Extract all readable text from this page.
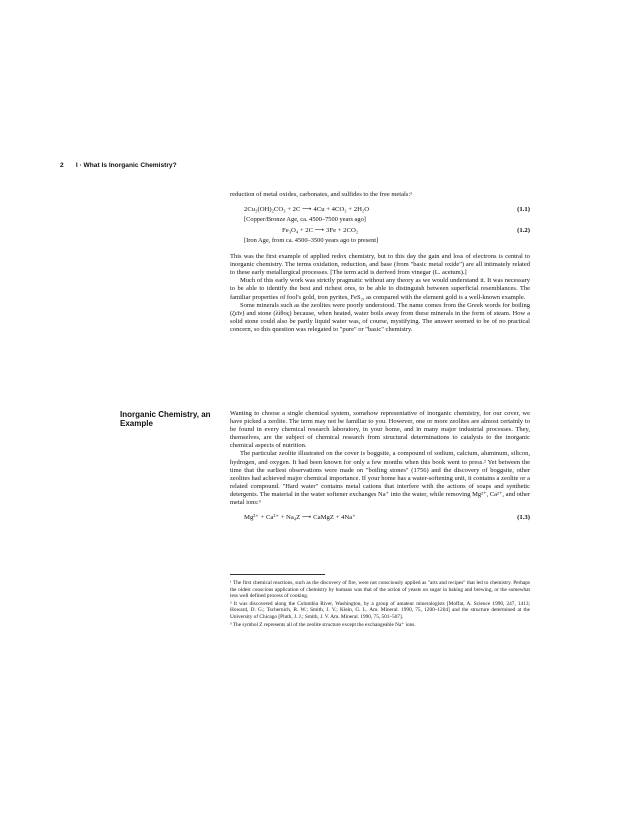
2 I · What Is Inorganic Chemistry?

reduction of metal oxides, carbonates, and sulfides to the free metals:¹

2Cu₂(OH)₂CO₃ + 2C ⟶ 4Cu + 4CO₂ + 2H₂O	(1.1)
[Copper/Bronze Age, ca. 4500–7500 years ago]
Fe₃O₄ + 2C ⟶ 3Fe + 2CO₂	(1.2)
[Iron Age, from ca. 4500–3500 years ago to present]

This was the first example of applied redox chemistry, but to this day the gain and loss of electrons is central to inorganic chemistry. The terms oxidation, reduction, and base (from "basic metal oxide") are all intimately related to these early metallurgical processes. [The term acid is derived from vinegar (L. acetum).]

Much of this early work was strictly pragmatic without any theory as we would understand it. It was necessary to be able to identify the best and richest ores, to be able to distinguish between superficial resemblances. The familiar properties of fool's gold, iron pyrites, FeS₂, as compared with the element gold is a well-known example.

Some minerals such as the zeolites were poorly understood. The name comes from the Greek words for boiling (ζεῖν) and stone (λίθος) because, when heated, water boils away from these minerals in the form of steam. How a solid stone could also be partly liquid water was, of course, mystifying. The answer seemed to be of no practical concern, so this question was relegated to "pure" or "basic" chemistry.

Inorganic Chemistry, an Example

Wanting to choose a single chemical system, somehow representative of inorganic chemistry, for our cover, we have picked a zeolite. The term may not be familiar to you. However, one or more zeolites are almost certainly to be found in every chemical research laboratory, in your home, and in many major industrial processes. They, themselves, are the subject of chemical research from structural determinations to catalysis to the inorganic chemical aspects of nutrition.

The particular zeolite illustrated on the cover is boggsite, a compound of sodium, calcium, aluminum, silicon, hydrogen, and oxygen. It had been known for only a few months when this book went to press.² Yet between the time that the earliest observations were made on "boiling stones" (1756) and the discovery of boggsite, other zeolites had achieved major chemical importance. If your home has a water-softening unit, it contains a zeolite or a related compound. "Hard water" contains metal cations that interfere with the actions of soaps and synthetic detergents. The material in the water softener exchanges Na⁺ into the water, while removing Mg²⁺, Ca²⁺, and other metal ions:³

Mg²⁺ + Ca²⁺ + Na₄Z ⟶ CaMgZ + 4Na⁺	(1.3)

¹ The first chemical reactions, such as the discovery of fire, were not consciously applied as "arts and recipes" that led to chemistry. Perhaps the oldest conscious application of chemistry by humans was that of the action of yeasts on sugar in baking and brewing, or the somewhat less well defined process of cooking.

² It was discovered along the Columbia River, Washington, by a group of amateur mineralogists [Moffat, A. Science 1990, 247, 1413; Howard, D. G.; Tschernich, R. W.; Smith, J. V.; Klein, G. L. Am. Mineral. 1990, 75, 1200–1204] and the structure determined at the University of Chicago [Pluth, J. J.; Smith, J. V. Am. Mineral. 1990, 75, 501–507].

³ The symbol Z represents all of the zeolite structure except the exchangeable Na⁺ ions.
